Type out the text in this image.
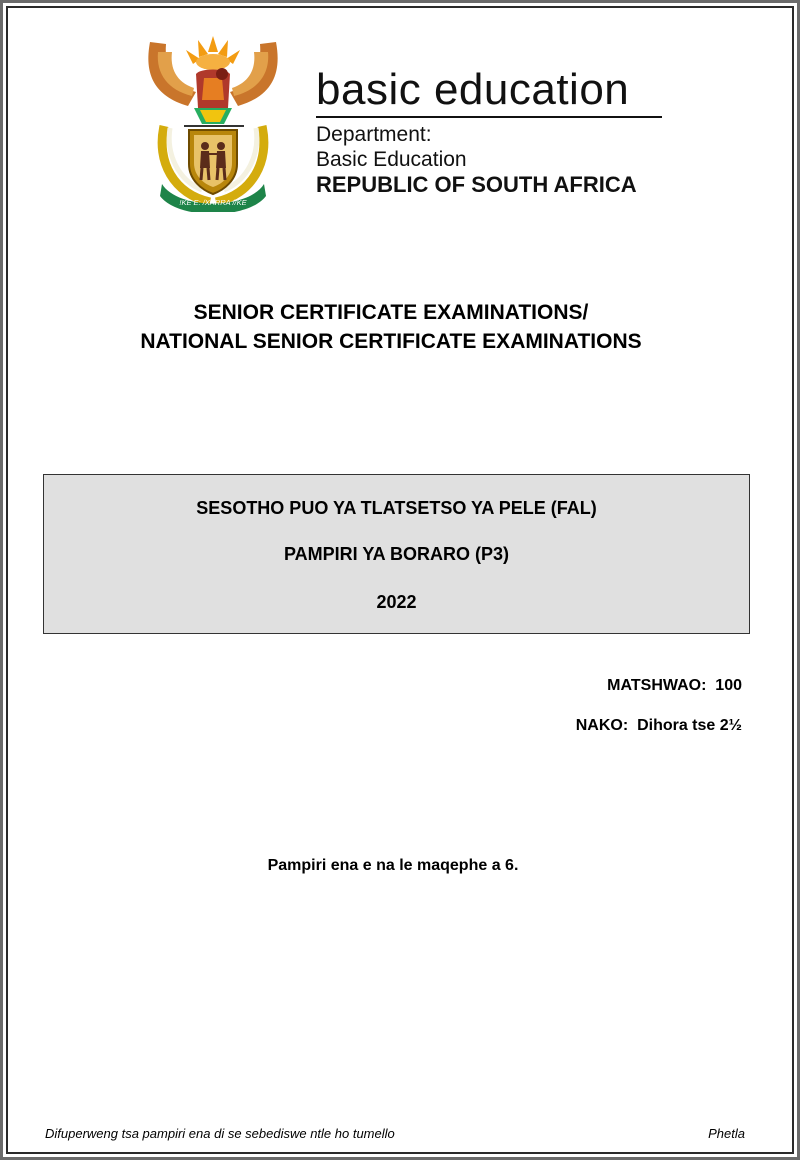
!KE E: /XARRA //KE
basic education
Department:
Basic Education
REPUBLIC OF SOUTH AFRICA
SENIOR CERTIFICATE EXAMINATIONS/
NATIONAL SENIOR CERTIFICATE EXAMINATIONS
SESOTHO PUO YA TLATSETSO YA PELE (FAL)
PAMPIRI YA BORARO (P3)
2022
MATSHWAO:  100
NAKO:  Dihora tse 2½
Pampiri ena e na le maqephe a 6.
Difuperweng tsa pampiri ena di se sebediswe ntle ho tumello	Phetla
